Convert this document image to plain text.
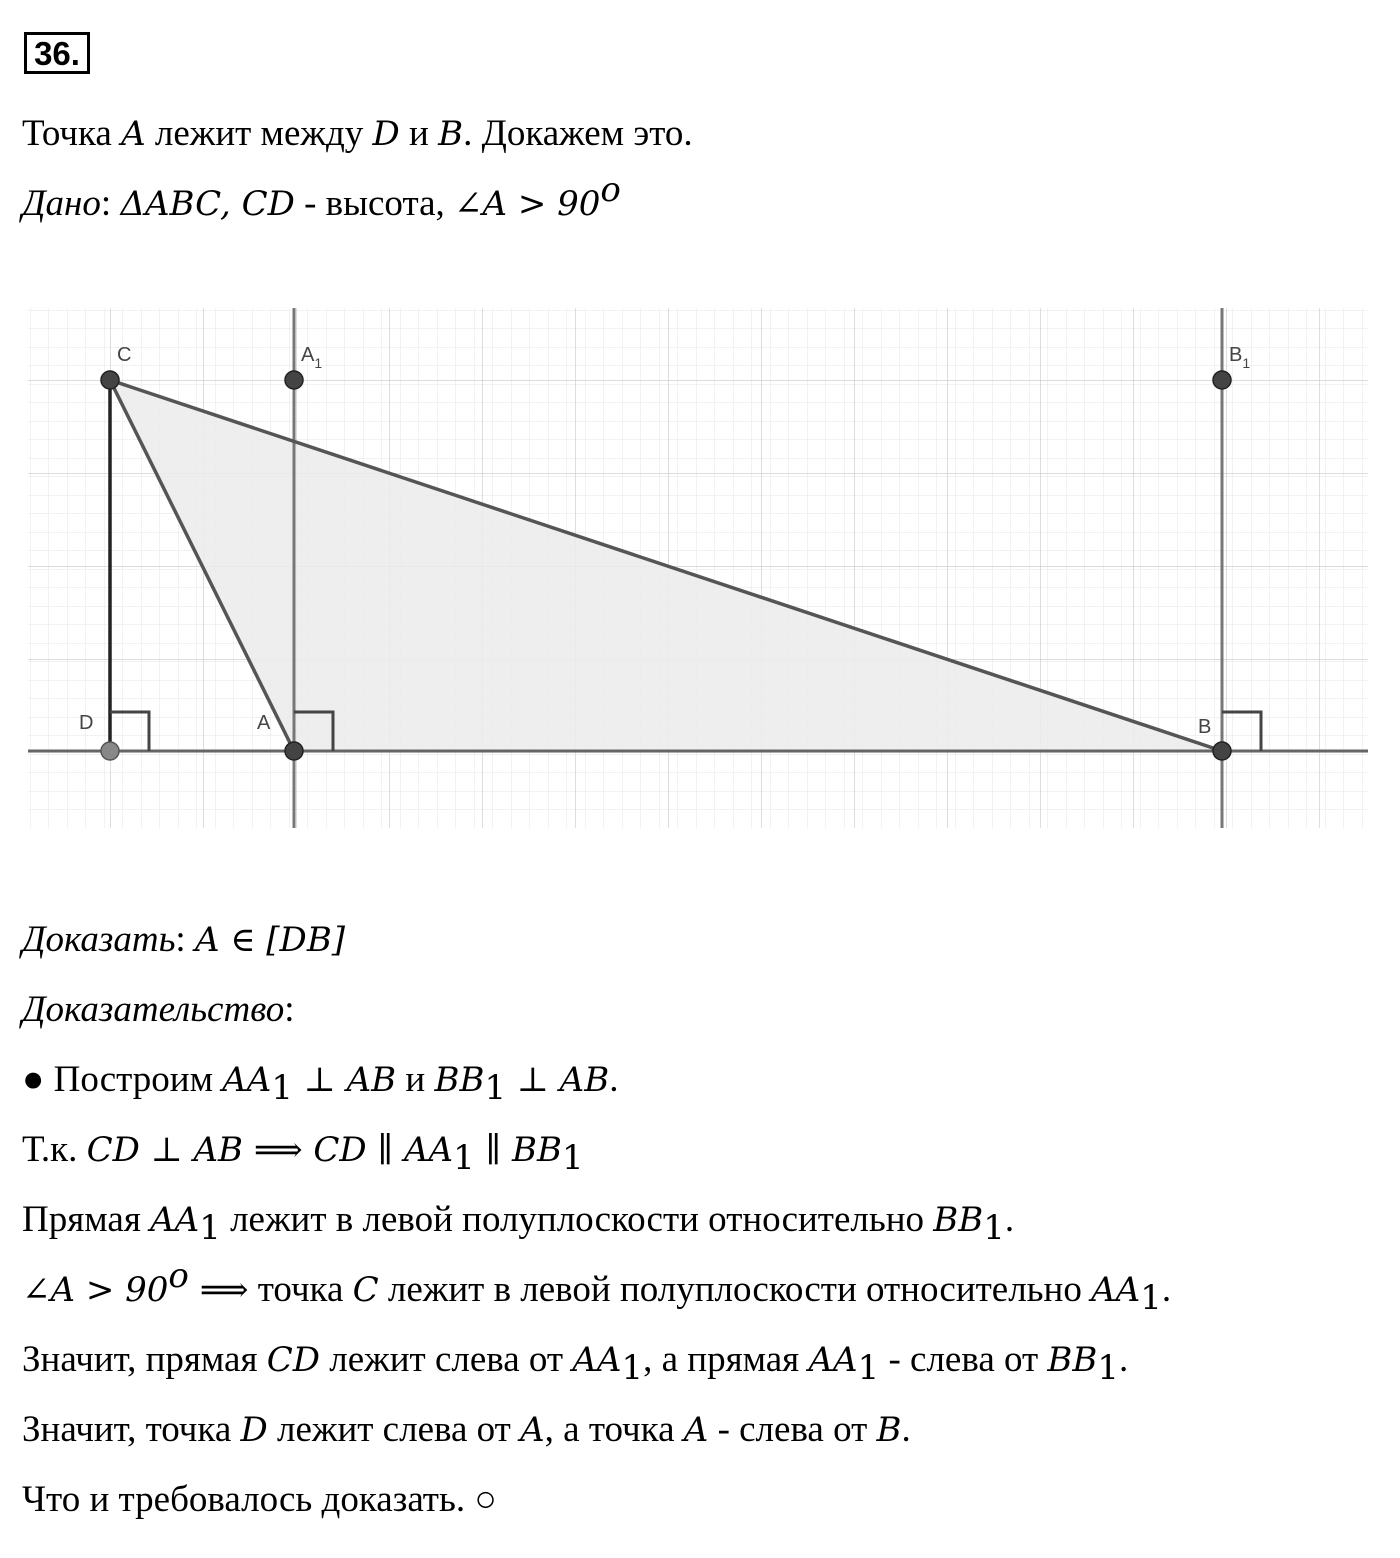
36.
Точка A лежит между D и B. Докажем это.
Дано: ΔABC, CD - высота, ∠A > $90^o$
C	$A_1$	$B_1$
D	A	B
Доказать: A ∈ [DB]
Доказательство:
● Построим $AA_1$ ⊥ AB и $BB_1$ ⊥ AB.
Т.к. CD ⊥ AB ⟹ CD ∥ $AA_1$ ∥ $BB_1$
Прямая $AA_1$ лежит в левой полуплоскости относительно $BB_1$.
∠A > $90^o$ ⟹ точка C лежит в левой полуплоскости относительно $AA_1$.
Значит, прямая CD лежит слева от $AA_1$, а прямая $AA_1$ - слева от $BB_1$.
Значит, точка D лежит слева от A, а точка A - слева от B.
Что и требовалось доказать. ○
